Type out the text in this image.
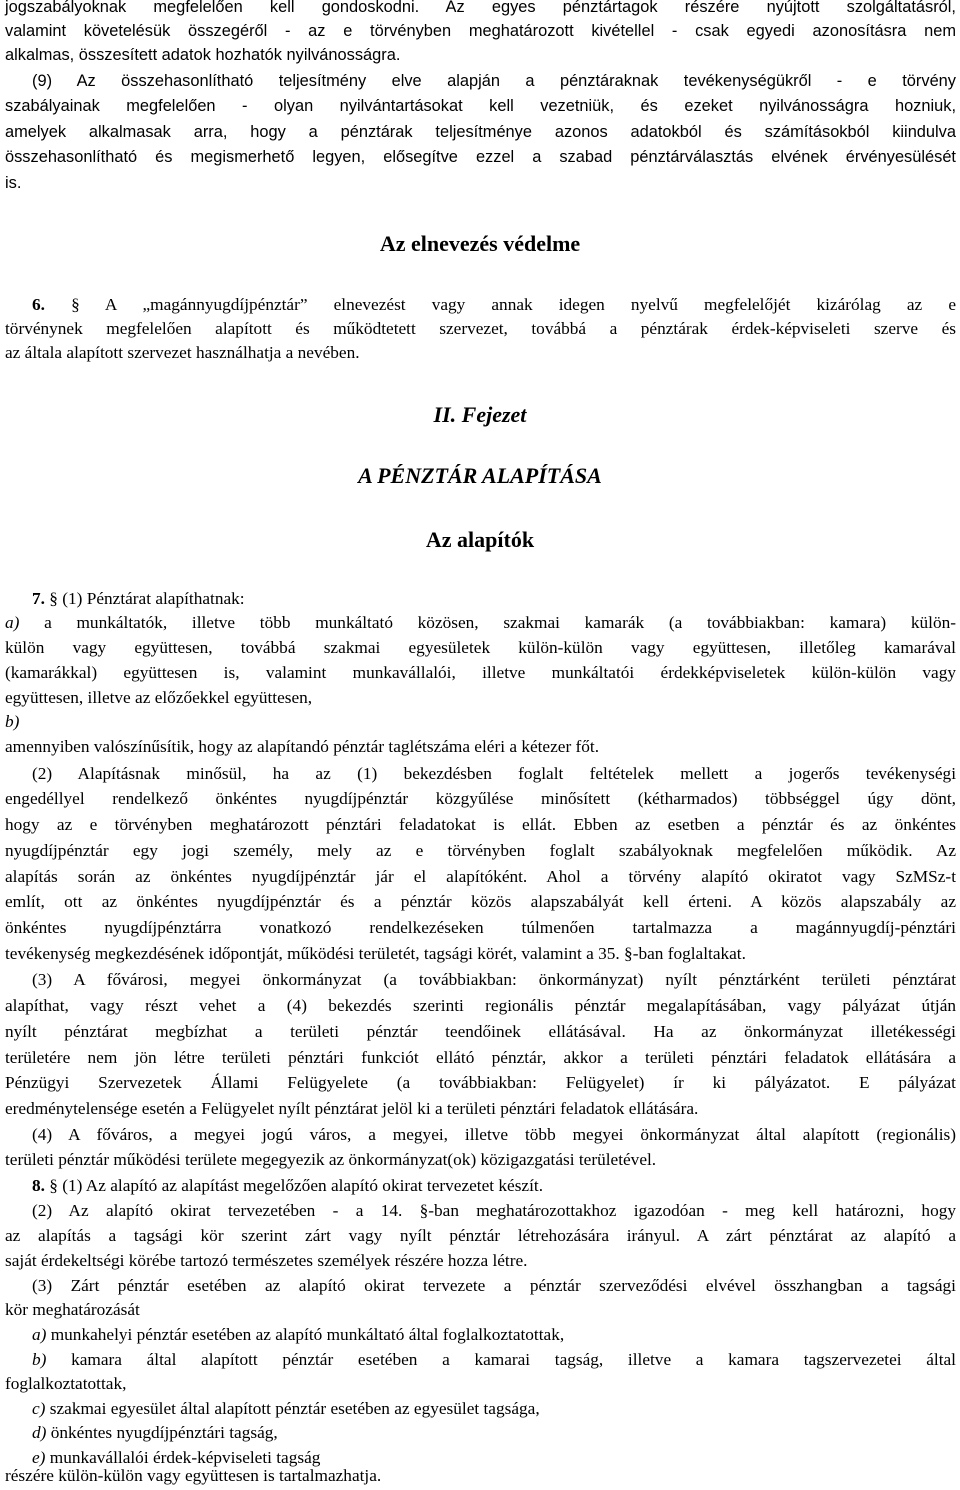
jogszabályoknak megfelelően kell gondoskodni. Az egyes pénztártagok részére nyújtott szolgáltatásról,
valamint követelésük összegéről - az e törvényben meghatározott kivétellel - csak egyedi azonosításra nem
alkalmas, összesített adatok hozhatók nyilvánosságra.
(9) Az összehasonlítható teljesítmény elve alapján a pénztáraknak tevékenységükről - e törvény
szabályainak megfelelően - olyan nyilvántartásokat kell vezetniük, és ezeket nyilvánosságra hozniuk,
amelyek alkalmasak arra, hogy a pénztárak teljesítménye azonos adatokból és számításokból kiindulva
összehasonlítható és megismerhető legyen, elősegítve ezzel a szabad pénztárválasztás elvének érvényesülését
is.
Az elnevezés védelme
6. § A „magánnyugdíjpénztár” elnevezést vagy annak idegen nyelvű megfelelőjét kizárólag az e
törvénynek megfelelően alapított és működtetett szervezet, továbbá a pénztárak érdek-képviseleti szerve és
az általa alapított szervezet használhatja a nevében.
II. Fejezet
A PÉNZTÁR ALAPÍTÁSA
Az alapítók
7. § (1) Pénztárat alapíthatnak:
a) a munkáltatók, illetve több munkáltató közösen, szakmai kamarák (a továbbiakban: kamara) külön-
külön vagy együttesen, továbbá szakmai egyesületek külön-külön vagy együttesen, illetőleg kamarával
(kamarákkal) együttesen is, valamint munkavállalói, illetve munkáltatói érdekképviseletek külön-külön vagy
együttesen, illetve az előzőekkel együttesen,
b)
amennyiben valószínűsítik, hogy az alapítandó pénztár taglétszáma eléri a kétezer főt.
(2) Alapításnak minősül, ha az (1) bekezdésben foglalt feltételek mellett a jogerős tevékenységi
engedéllyel rendelkező önkéntes nyugdíjpénztár közgyűlése minősített (kétharmados) többséggel úgy dönt,
hogy az e törvényben meghatározott pénztári feladatokat is ellát. Ebben az esetben a pénztár és az önkéntes
nyugdíjpénztár egy jogi személy, mely az e törvényben foglalt szabályoknak megfelelően működik. Az
alapítás során az önkéntes nyugdíjpénztár jár el alapítóként. Ahol a törvény alapító okiratot vagy SzMSz-t
említ, ott az önkéntes nyugdíjpénztár és a pénztár közös alapszabályát kell érteni. A közös alapszabály az
önkéntes nyugdíjpénztárra vonatkozó rendelkezéseken túlmenően tartalmazza a magánnyugdíj-pénztári
tevékenység megkezdésének időpontját, működési területét, tagsági körét, valamint a 35. §-ban foglaltakat.
(3) A fővárosi, megyei önkormányzat (a továbbiakban: önkormányzat) nyílt pénztárként területi pénztárat
alapíthat, vagy részt vehet a (4) bekezdés szerinti regionális pénztár megalapításában, vagy pályázat útján
nyílt pénztárat megbízhat a területi pénztár teendőinek ellátásával. Ha az önkormányzat illetékességi
területére nem jön létre területi pénztári funkciót ellátó pénztár, akkor a területi pénztári feladatok ellátására a
Pénzügyi Szervezetek Állami Felügyelete (a továbbiakban: Felügyelet) ír ki pályázatot. E pályázat
eredménytelensége esetén a Felügyelet nyílt pénztárat jelöl ki a területi pénztári feladatok ellátására.
(4) A főváros, a megyei jogú város, a megyei, illetve több megyei önkormányzat által alapított (regionális)
területi pénztár működési területe megegyezik az önkormányzat(ok) közigazgatási területével.
8. § (1) Az alapító az alapítást megelőzően alapító okirat tervezetet készít.
(2) Az alapító okirat tervezetében - a 14. §-ban meghatározottakhoz igazodóan - meg kell határozni, hogy
az alapítás a tagsági kör szerint zárt vagy nyílt pénztár létrehozására irányul. A zárt pénztárat az alapító a
saját érdekeltségi körébe tartozó természetes személyek részére hozza létre.
(3) Zárt pénztár esetében az alapító okirat tervezete a pénztár szerveződési elvével összhangban a tagsági
kör meghatározását
a) munkahelyi pénztár esetében az alapító munkáltató által foglalkoztatottak,
b) kamara által alapított pénztár esetében a kamarai tagság, illetve a kamara tagszervezetei által
foglalkoztatottak,
c) szakmai egyesület által alapított pénztár esetében az egyesület tagsága,
d) önkéntes nyugdíjpénztári tagság,
e) munkavállalói érdek-képviseleti tagság
részére külön-külön vagy együttesen is tartalmazhatja.
